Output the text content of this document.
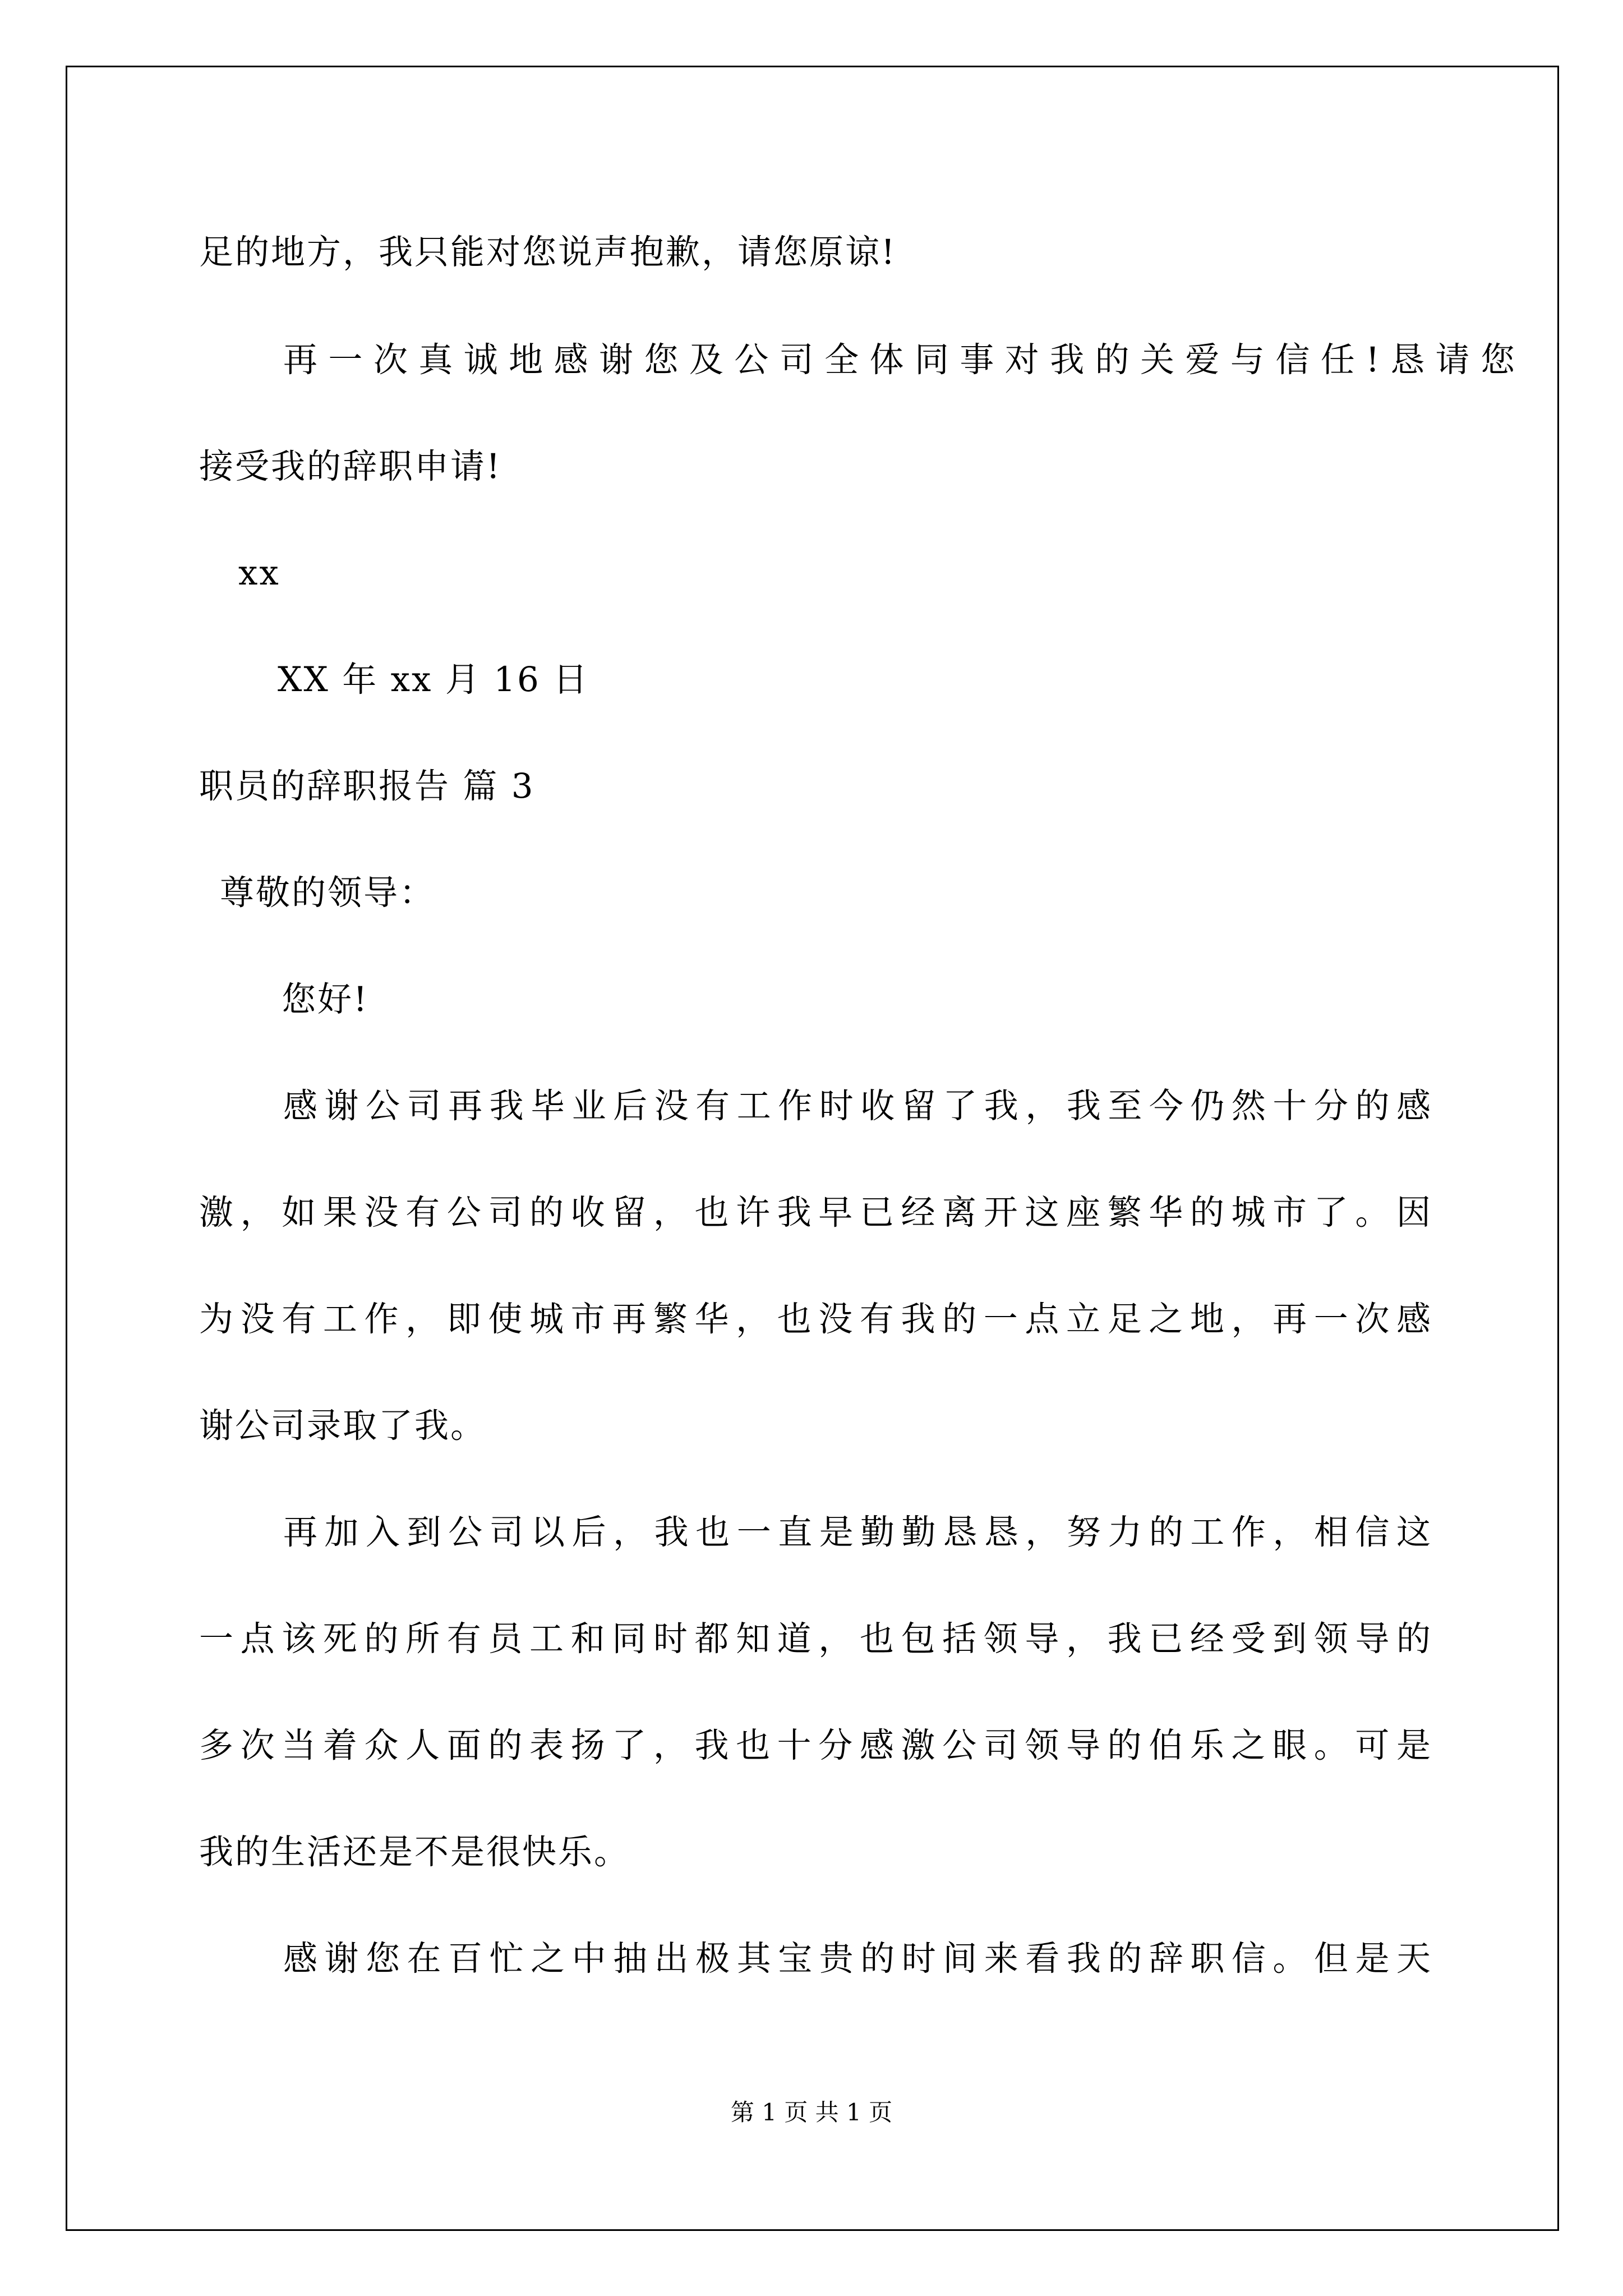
足的地方，我只能对您说声抱歉，请您原谅!
再一次真诚地感谢您及公司全体同事对我的关爱与信任!恳请您
接受我的辞职申请!
xx
XX 年 xx 月 16 日
职员的辞职报告 篇 3
尊敬的领导：
您好!
感谢公司再我毕业后没有工作时收留了我，我至今仍然十分的感
激，如果没有公司的收留，也许我早已经离开这座繁华的城市了。因
为没有工作，即使城市再繁华，也没有我的一点立足之地，再一次感
谢公司录取了我。
再加入到公司以后，我也一直是勤勤恳恳，努力的工作，相信这
一点该死的所有员工和同时都知道，也包括领导，我已经受到领导的
多次当着众人面的表扬了，我也十分感激公司领导的伯乐之眼。可是
我的生活还是不是很快乐。
感谢您在百忙之中抽出极其宝贵的时间来看我的辞职信。但是天
第 1 页 共 1 页
